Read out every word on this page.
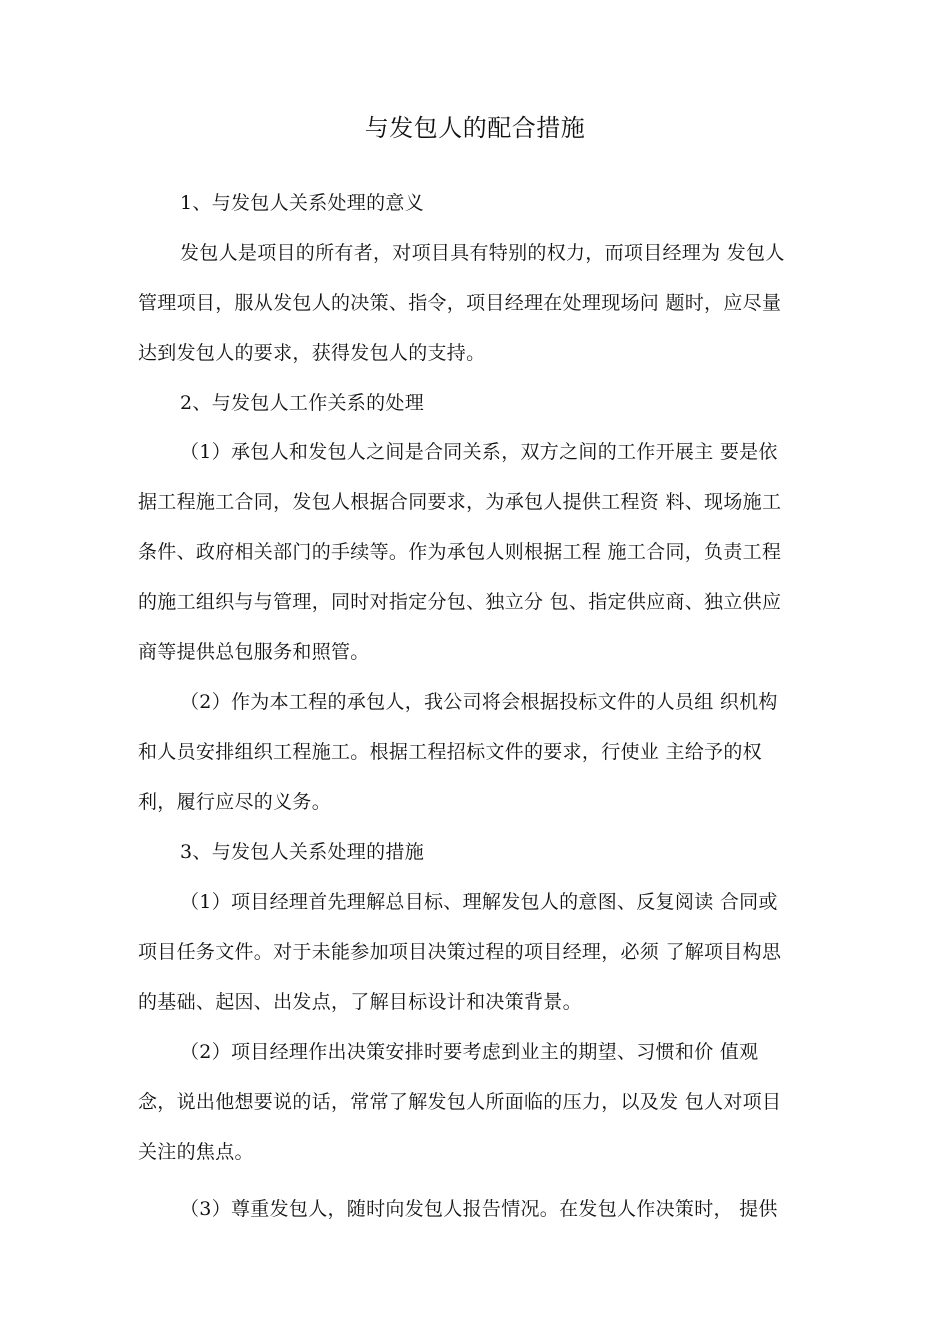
与发包人的配合措施
1、与发包人关系处理的意义
发包人是项目的所有者，对项目具有特别的权力，而项目经理为 发包人
管理项目，服从发包人的决策、指令，项目经理在处理现场问 题时，应尽量
达到发包人的要求，获得发包人的支持。
2、与发包人工作关系的处理
（1）承包人和发包人之间是合同关系，双方之间的工作开展主 要是依
据工程施工合同，发包人根据合同要求，为承包人提供工程资 料、现场施工
条件、政府相关部门的手续等。作为承包人则根据工程 施工合同，负责工程
的施工组织与与管理，同时对指定分包、独立分 包、指定供应商、独立供应
商等提供总包服务和照管。
（2）作为本工程的承包人，我公司将会根据投标文件的人员组 织机构
和人员安排组织工程施工。根据工程招标文件的要求，行使业 主给予的权
利，履行应尽的义务。
3、与发包人关系处理的措施
（1）项目经理首先理解总目标、理解发包人的意图、反复阅读 合同或
项目任务文件。对于未能参加项目决策过程的项目经理，必须 了解项目构思
的基础、起因、出发点，了解目标设计和决策背景。
（2）项目经理作出决策安排时要考虑到业主的期望、习惯和价 值观
念，说出他想要说的话，常常了解发包人所面临的压力，以及发 包人对项目
关注的焦点。
（3）尊重发包人，随时向发包人报告情况。在发包人作决策时， 提供
